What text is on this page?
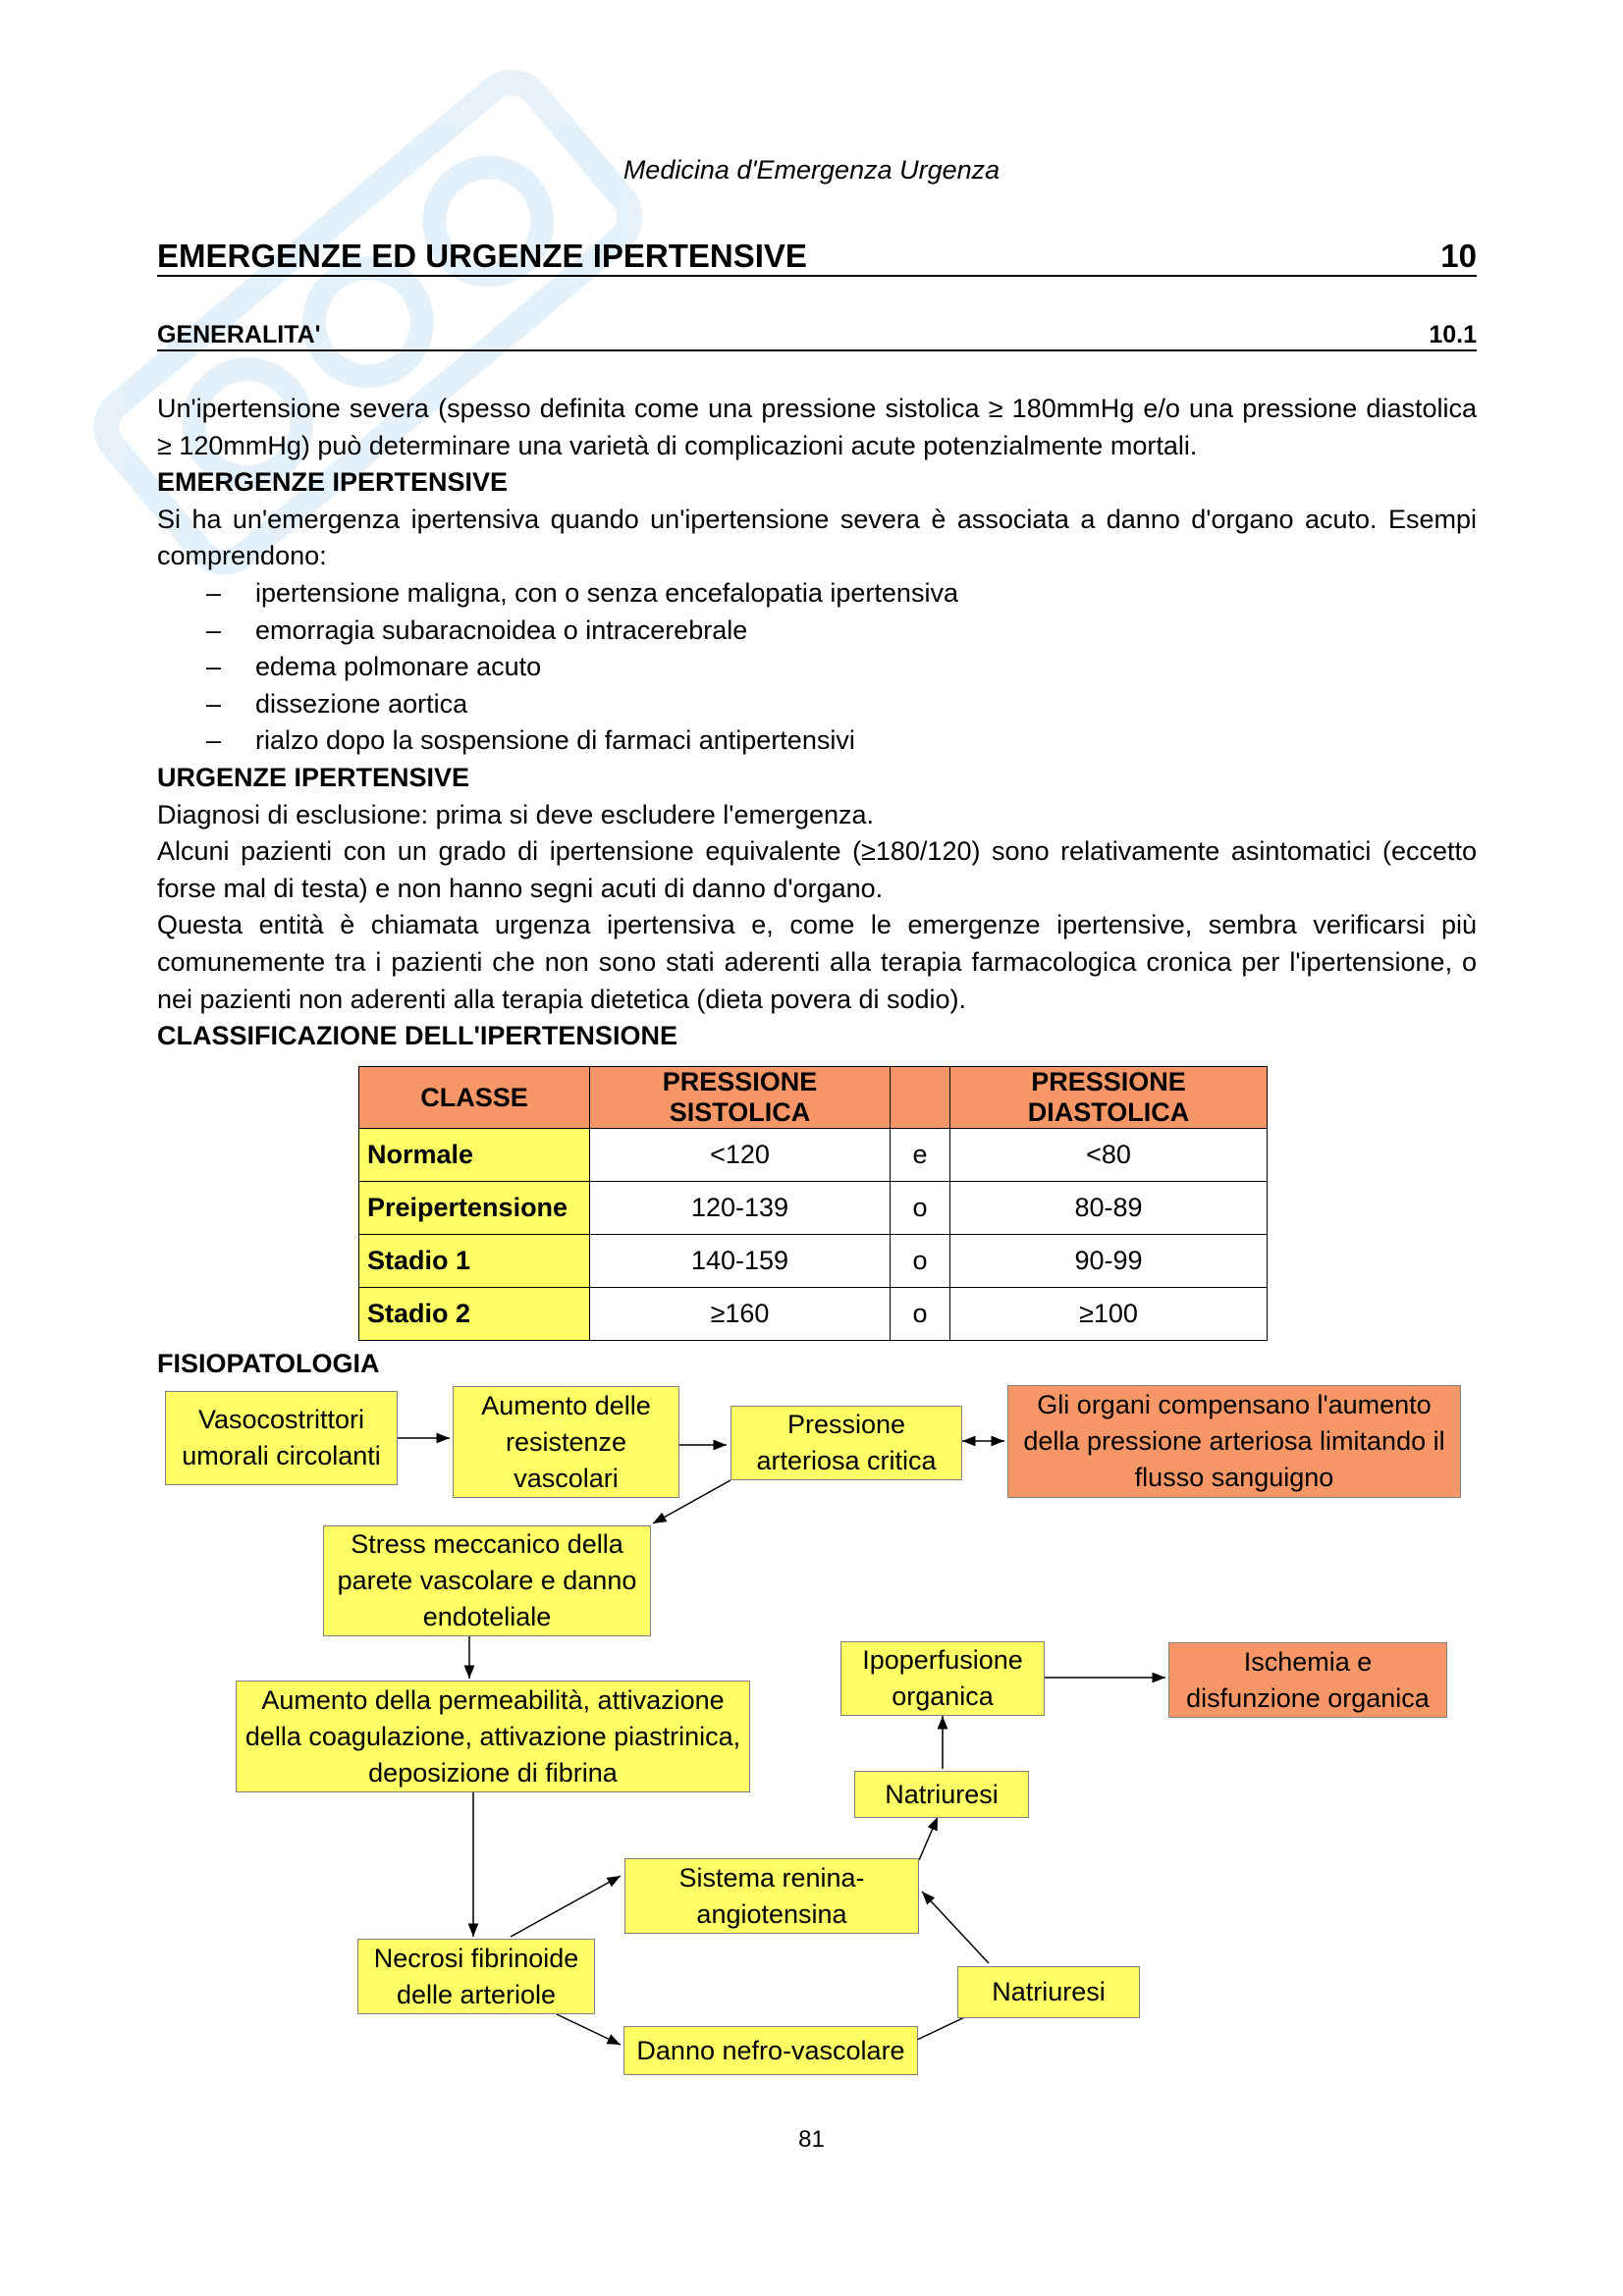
Medicina d'Emergenza Urgenza
EMERGENZE ED URGENZE IPERTENSIVE	10
GENERALITA'	10.1

Un'ipertensione severa (spesso definita come una pressione sistolica ≥ 180mmHg e/o una pressione diastolica ≥ 120mmHg) può determinare una varietà di complicazioni acute potenzialmente mortali.

EMERGENZE IPERTENSIVE

Si ha un'emergenza ipertensiva quando un'ipertensione severa è associata a danno d'organo acuto. Esempi comprendono:

– ipertensione maligna, con o senza encefalopatia ipertensiva
– emorragia subaracnoidea o intracerebrale
– edema polmonare acuto
– dissezione aortica
– rialzo dopo la sospensione di farmaci antipertensivi
URGENZE IPERTENSIVE

Diagnosi di esclusione: prima si deve escludere l'emergenza.

Alcuni pazienti con un grado di ipertensione equivalente (≥180/120) sono relativamente asintomatici (eccetto forse mal di testa) e non hanno segni acuti di danno d'organo.

Questa entità è chiamata urgenza ipertensiva e, come le emergenze ipertensive, sembra verificarsi più comunemente tra i pazienti che non sono stati aderenti alla terapia farmacologica cronica per l'ipertensione, o nei pazienti non aderenti alla terapia dietetica (dieta povera di sodio).

CLASSIFICAZIONE DELL'IPERTENSIONE
CLASSE	PRESSIONE SISTOLICA		PRESSIONE DIASTOLICA
Normale	<120	e	<80
Preipertensione	120-139	o	80-89
Stadio 1	140-159	o	90-99
Stadio 2	≥160	o	≥100
FISIOPATOLOGIA
Vasocostrittori umorali circolanti
Aumento delle resistenze vascolari
Pressione arteriosa critica
Gli organi compensano l'aumento della pressione arteriosa limitando il flusso sanguigno
Stress meccanico della parete vascolare e danno endoteliale
Aumento della permeabilità, attivazione della coagulazione, attivazione piastrinica, deposizione di fibrina
Ipoperfusione organica
Ischemia e disfunzione organica
Natriuresi
Sistema renina-angiotensina
Necrosi fibrinoide delle arteriole	Natriuresi
Danno nefro-vascolare
81
